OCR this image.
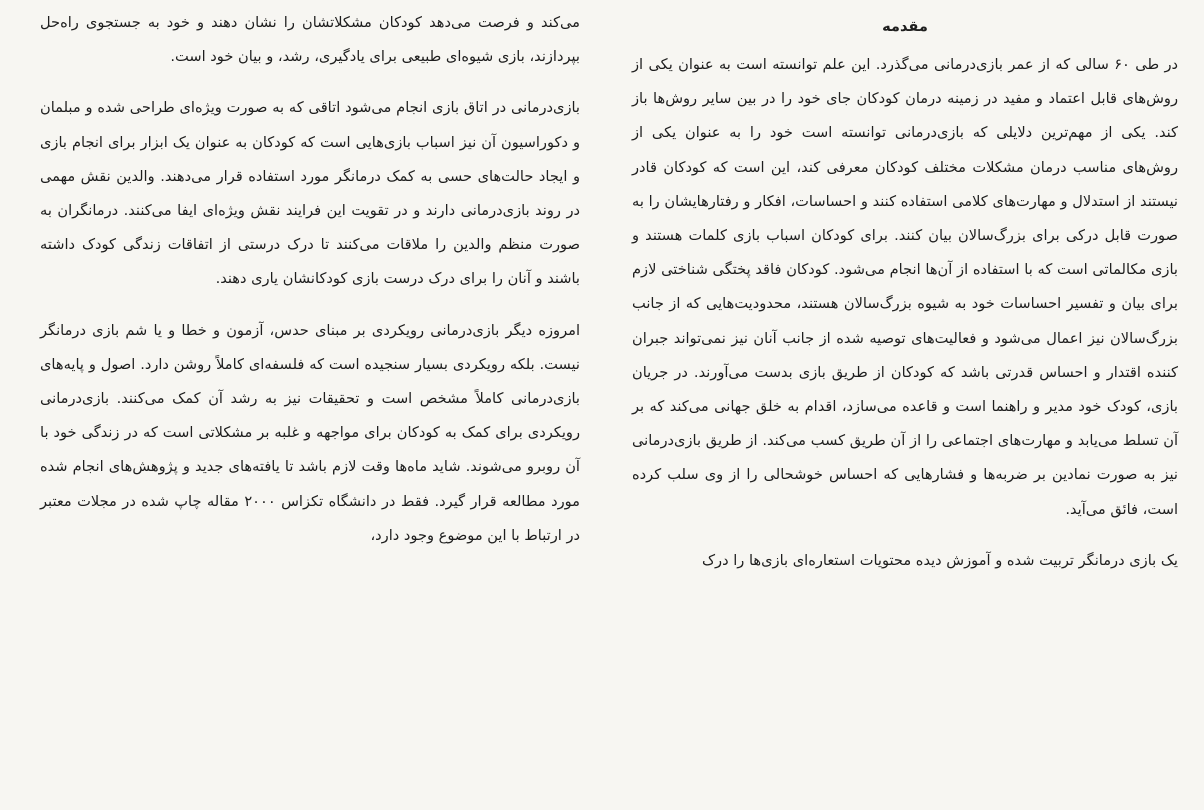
مقدمه

در طی ۶۰ سالی که از عمر بازی‌درمانی می‌گذرد. این علم توانسته است به عنوان یکی از روش‌های قابل اعتماد و مفید در زمینه درمان کودکان جای خود را در بین سایر روش‌ها باز کند. یکی از مهم‌ترین دلایلی که بازی‌درمانی توانسته است خود را به عنوان یکی از روش‌های مناسب درمان مشکلات مختلف کودکان معرفی کند، این است که کودکان قادر نیستند از استدلال و مهارت‌های کلامی استفاده کنند و احساسات، افکار و رفتارهایشان را به صورت قابل درکی برای بزرگ‌سالان بیان کنند. برای کودکان اسباب بازی کلمات هستند و بازی مکالماتی است که با استفاده از آن‌ها انجام می‌شود. کودکان فاقد پختگی شناختی لازم برای بیان و تفسیر احساسات خود به شیوه بزرگ‌سالان هستند، محدودیت‌هایی که از جانب بزرگ‌سالان نیز اعمال می‌شود و فعالیت‌های توصیه شده از جانب آنان نیز نمی‌تواند جبران کننده اقتدار و احساس قدرتی باشد که کودکان از طریق بازی بدست می‌آورند. در جریان بازی، کودک خود مدیر و راهنما است و قاعده می‌سازد، اقدام به خلق جهانی می‌کند که بر آن تسلط می‌یابد و مهارت‌های اجتماعی را از آن طریق کسب می‌کند. از طریق بازی‌درمانی نیز به صورت نمادین بر ضربه‌ها و فشارهایی که احساس خوشحالی را از وی سلب کرده است، فائق می‌آید.

یک بازی درمانگر تربیت شده و آموزش دیده محتویات استعاره‌ای بازی‌ها را درک

می‌کند و فرصت می‌دهد کودکان مشکلاتشان را نشان دهند و خود به جستجوی راه‌حل بپردازند، بازی شیوه‌ای طبیعی برای یادگیری، رشد، و بیان خود است.

بازی‌درمانی در اتاق بازی انجام می‌شود اتاقی که به صورت ویژه‌ای طراحی شده و مبلمان و دکوراسیون آن نیز اسباب بازی‌هایی است که کودکان به عنوان یک ابزار برای انجام بازی و ایجاد حالت‌های حسی به کمک درمانگر مورد استفاده قرار می‌دهند. والدین نقش مهمی در روند بازی‌درمانی دارند و در تقویت این فرایند نقش ویژه‌ای ایفا می‌کنند. درمانگران به صورت منظم والدین را ملاقات می‌کنند تا درک درستی از اتفاقات زندگی کودک داشته باشند و آنان را برای درک درست بازی کودکانشان یاری دهند.

امروزه دیگر بازی‌درمانی رویکردی بر مبنای حدس، آزمون و خطا و یا شم بازی درمانگر نیست. بلکه رویکردی بسیار سنجیده است که فلسفه‌ای کاملاً روشن دارد. اصول و پایه‌های بازی‌درمانی کاملاً مشخص است و تحقیقات نیز به رشد آن کمک می‌کنند. بازی‌درمانی رویکردی برای کمک به کودکان برای مواجهه و غلبه بر مشکلاتی است که در زندگی خود با آن روبرو می‌شوند. شاید ماه‌ها وقت لازم باشد تا یافته‌های جدید و پژوهش‌های انجام شده مورد مطالعه قرار گیرد. فقط در دانشگاه تکزاس ۲۰۰۰ مقاله چاپ شده در مجلات معتبر در ارتباط با این موضوع وجود دارد،
